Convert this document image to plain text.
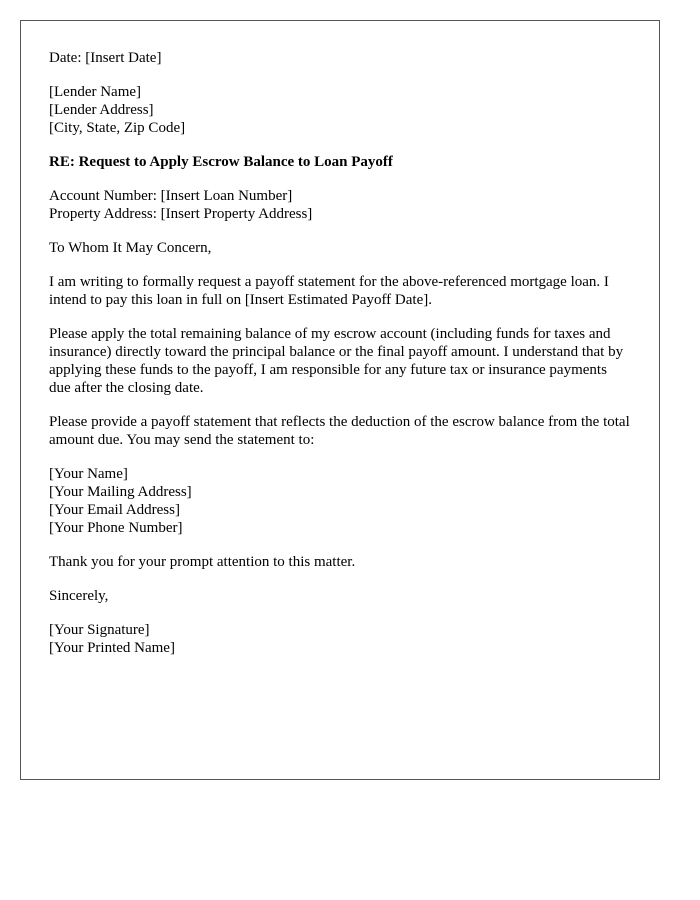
Date: [Insert Date]
[Lender Name]
[Lender Address]
[City, State, Zip Code]
RE: Request to Apply Escrow Balance to Loan Payoff
Account Number: [Insert Loan Number]
Property Address: [Insert Property Address]
To Whom It May Concern,

I am writing to formally request a payoff statement for the above-referenced mortgage loan. I intend to pay this loan in full on [Insert Estimated Payoff Date].

Please apply the total remaining balance of my escrow account (including funds for taxes and insurance) directly toward the principal balance or the final payoff amount. I understand that by applying these funds to the payoff, I am responsible for any future tax or insurance payments due after the closing date.

Please provide a payoff statement that reflects the deduction of the escrow balance from the total amount due. You may send the statement to:

[Your Name]
[Your Mailing Address]
[Your Email Address]
[Your Phone Number]
Thank you for your prompt attention to this matter.
Sincerely,
[Your Signature]
[Your Printed Name]
